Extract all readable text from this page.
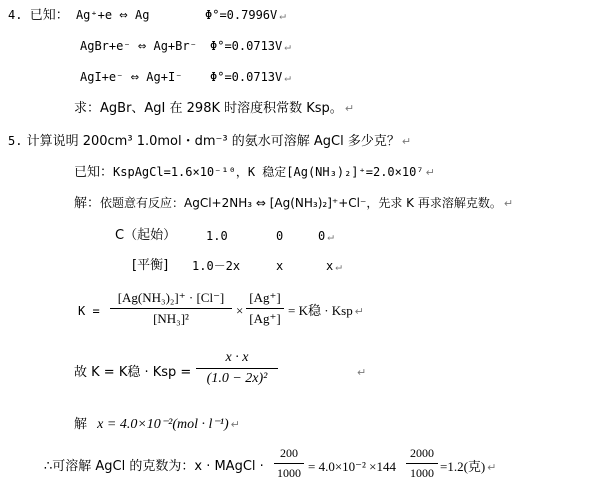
4. 已知： Ag⁺+e ⇔ Ag	Φ°=0.7996V ↵
AgBr+e⁻ ⇔ Ag+Br⁻ Φ°=0.0713V ↵
AgI+e⁻ ⇔ Ag+I⁻ Φ°=0.0713V ↵
求：AgBr、AgI 在 298K 时溶度积常数 Ksp。 ↵
5. 计算说明 200cm³ 1.0mol・dm⁻³ 的氨水可溶解 AgCl 多少克？ ↵
已知：KspAgCl=1.6×10⁻¹⁰，K 稳定[Ag(NH₃)₂]⁺=2.0×10⁷ ↵
解：依题意有反应：AgCl+2NH₃ ⇔ [Ag(NH₃)₂]⁺+Cl⁻，先求 K 再求溶解克数。 ↵
C（起始） 1.0	0	0 ↵
[平衡] 1.0－2x	x	x ↵
K =
[Ag(NH₃)₂]⁺ · [Cl⁻]
[NH₃]²
×
[Ag⁺]
[Ag⁺]
= K稳 · Ksp ↵
故 K = K稳 · Ksp =
x · x
(1.0 − 2x)²	↵
解 x = 4.0×10⁻²(mol · l⁻¹) ↵
∴可溶解 AgCl 的克数为：x · MAgCl ·
200
1000 = 4.0×10⁻² ×144
2000
1000 =1.2(克) ↵
